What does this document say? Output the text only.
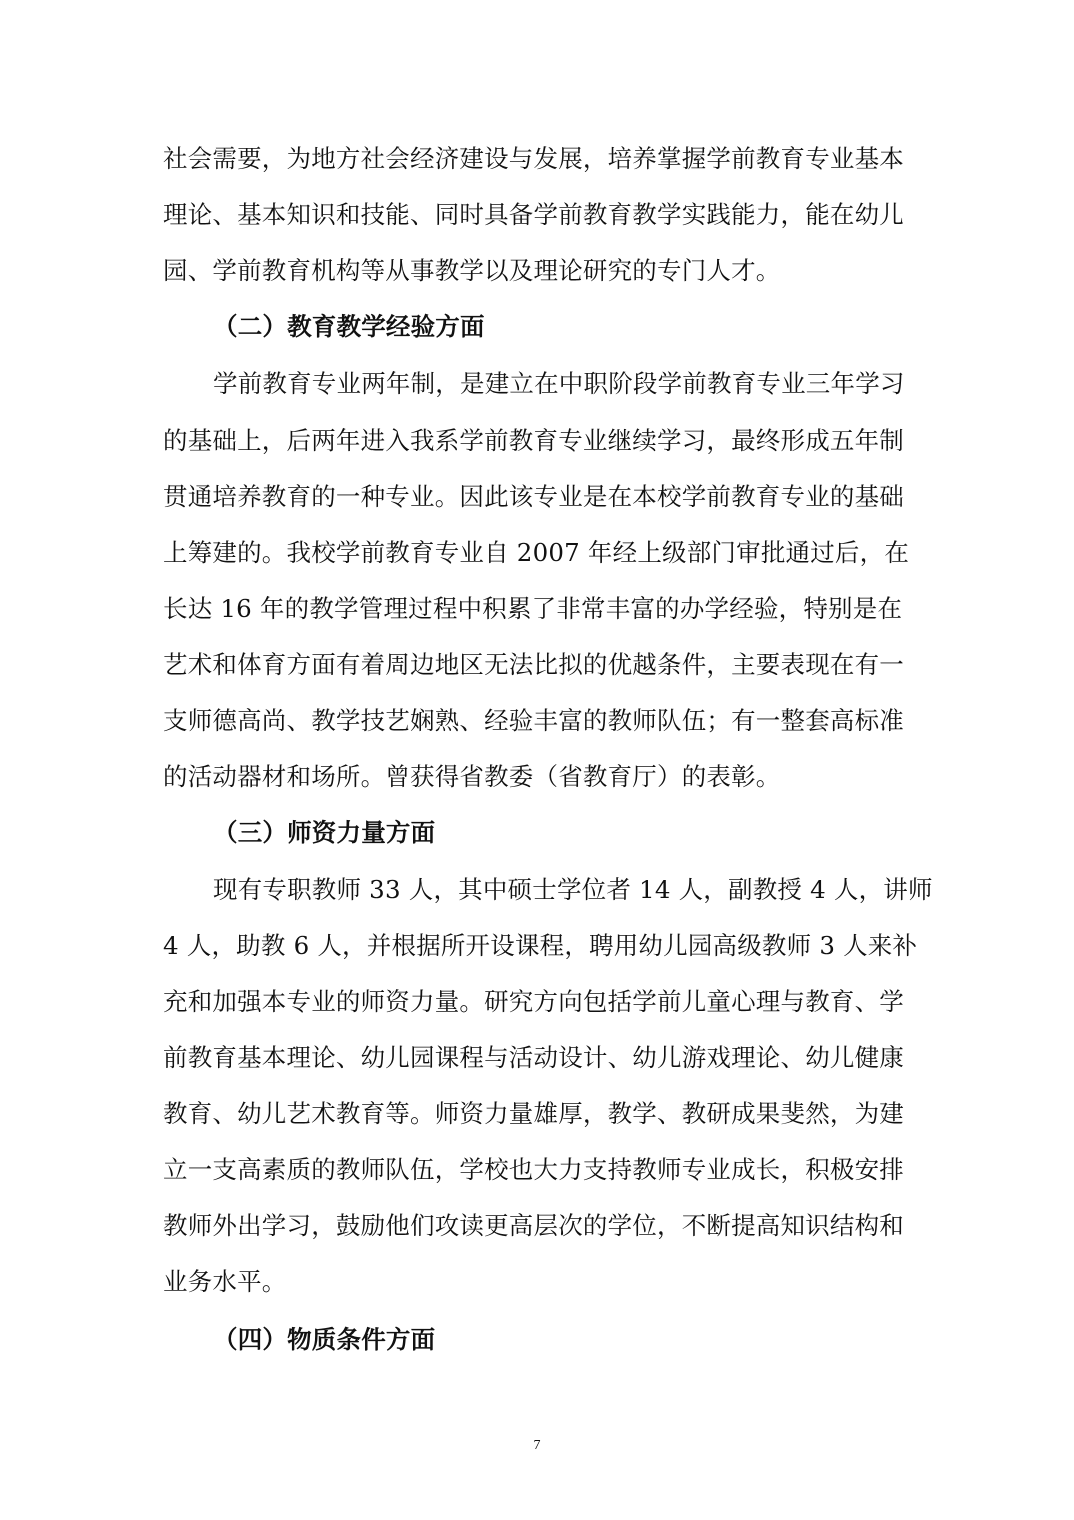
社会需要，为地方社会经济建设与发展，培养掌握学前教育专业基本
理论、基本知识和技能、同时具备学前教育教学实践能力，能在幼儿
园、学前教育机构等从事教学以及理论研究的专门人才。
（二）教育教学经验方面
学前教育专业两年制，是建立在中职阶段学前教育专业三年学习
的基础上，后两年进入我系学前教育专业继续学习，最终形成五年制
贯通培养教育的一种专业。因此该专业是在本校学前教育专业的基础
上筹建的。我校学前教育专业自 2007 年经上级部门审批通过后，在
长达 16 年的教学管理过程中积累了非常丰富的办学经验，特别是在
艺术和体育方面有着周边地区无法比拟的优越条件，主要表现在有一
支师德高尚、教学技艺娴熟、经验丰富的教师队伍；有一整套高标准
的活动器材和场所。曾获得省教委（省教育厅）的表彰。
（三）师资力量方面
现有专职教师 33 人，其中硕士学位者 14 人，副教授 4 人，讲师
4 人，助教 6 人，并根据所开设课程，聘用幼儿园高级教师 3 人来补
充和加强本专业的师资力量。研究方向包括学前儿童心理与教育、学
前教育基本理论、幼儿园课程与活动设计、幼儿游戏理论、幼儿健康
教育、幼儿艺术教育等。师资力量雄厚，教学、教研成果斐然，为建
立一支高素质的教师队伍，学校也大力支持教师专业成长，积极安排
教师外出学习，鼓励他们攻读更高层次的学位，不断提高知识结构和
业务水平。
（四）物质条件方面
7
